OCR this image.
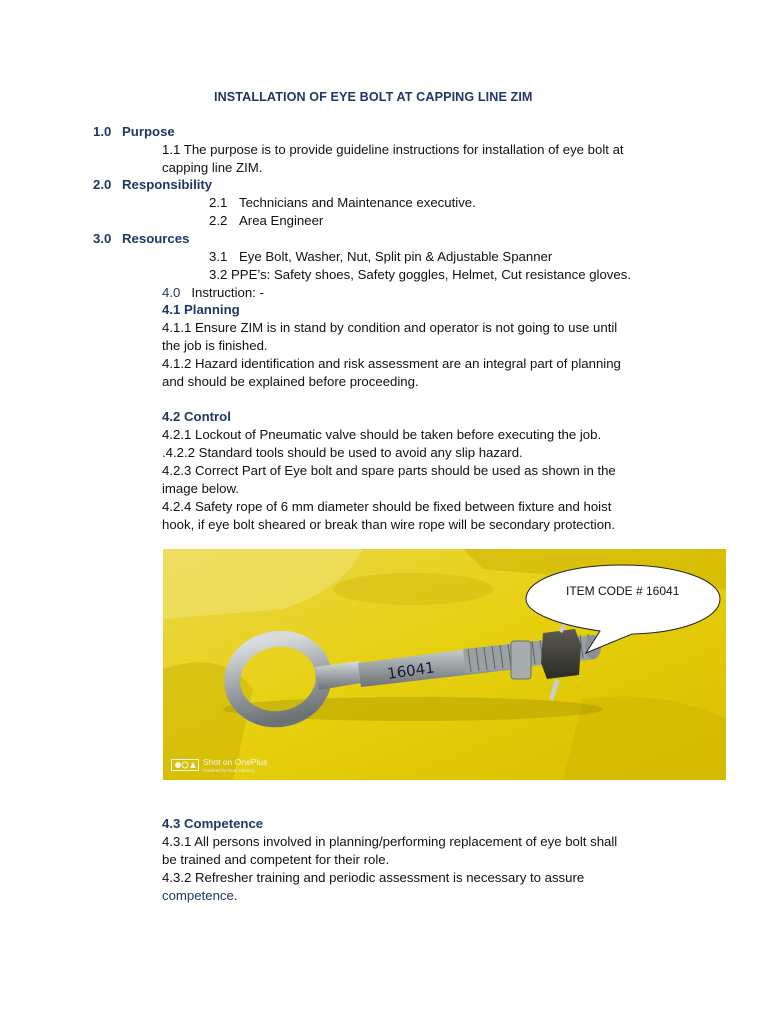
INSTALLATION OF EYE BOLT AT CAPPING LINE ZIM
1.0 Purpose
1.1 The purpose is to provide guideline instructions for installation of eye bolt at
capping line ZIM.
2.0 Responsibility
2.1 Technicians and Maintenance executive.
2.2 Area Engineer
3.0 Resources
3.1 Eye Bolt, Washer, Nut, Split pin & Adjustable Spanner
3.2 PPE’s: Safety shoes, Safety goggles, Helmet, Cut resistance gloves.
4.0 Instruction: -
4.1 Planning
4.1.1 Ensure ZIM is in stand by condition and operator is not going to use until
the job is finished.
4.1.2 Hazard identification and risk assessment are an integral part of planning
and should be explained before proceeding.
4.2 Control
4.2.1 Lockout of Pneumatic valve should be taken before executing the job.
.4.2.2 Standard tools should be used to avoid any slip hazard.
4.2.3 Correct Part of Eye bolt and spare parts should be used as shown in the
image below.
4.2.4 Safety rope of 6 mm diameter should be fixed between fixture and hoist
hook, if eye bolt sheared or break than wire rope will be secondary protection.
16041
Shot on OnePlus
Powered by Dual Camera
ITEM CODE # 16041
4.3 Competence
4.3.1 All persons involved in planning/performing replacement of eye bolt shall
be trained and competent for their role.
4.3.2 Refresher training and periodic assessment is necessary to assure
competence.
